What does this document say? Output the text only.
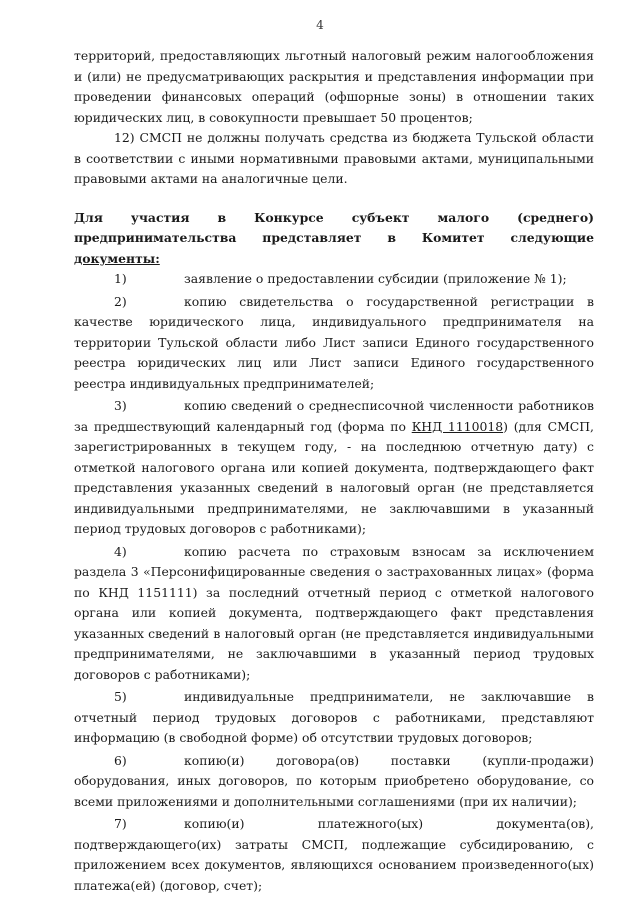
4

территорий, предоставляющих льготный налоговый режим налогообложения и (или) не предусматривающих раскрытия и представления информации при проведении финансовых операций (офшорные зоны) в отношении таких юридических лиц, в совокупности превышает 50 процентов;

12) СМСП не должны получать средства из бюджета Тульской области в соответствии с иными нормативными правовыми актами, муниципальными правовыми актами на аналогичные цели.

Для участия в Конкурсе субъект малого (среднего) предпринимательства представляет в Комитет следующие документы:

1)	заявление о предоставлении субсидии (приложение № 1);

2)	копию свидетельства о государственной регистрации в качестве юридического лица, индивидуального предпринимателя на территории Тульской области либо Лист записи Единого государственного реестра юридических лиц или Лист записи Единого государственного реестра индивидуальных предпринимателей;

3)	копию сведений о среднесписочной численности работников за предшествующий календарный год (форма по КНД 1110018) (для СМСП, зарегистрированных в текущем году, - на последнюю отчетную дату) с отметкой налогового органа или копией документа, подтверждающего факт представления указанных сведений в налоговый орган (не представляется индивидуальными предпринимателями, не заключавшими в указанный период трудовых договоров с работниками);

4)	копию расчета по страховым взносам за исключением раздела 3 «Персонифицированные сведения о застрахованных лицах» (форма по КНД 1151111) за последний отчетный период с отметкой налогового органа или копией документа, подтверждающего факт представления указанных сведений в налоговый орган (не представляется индивидуальными предпринимателями, не заключавшими в указанный период трудовых договоров с работниками);

5)	индивидуальные предприниматели, не заключавшие в отчетный период трудовых договоров с работниками, представляют информацию (в свободной форме) об отсутствии трудовых договоров;

6)	копию(и) договора(ов) поставки (купли-продажи) оборудования, иных договоров, по которым приобретено оборудование, со всеми приложениями и дополнительными соглашениями (при их наличии);

7)	копию(и) платежного(ых) документа(ов), подтверждающего(их) затраты СМСП, подлежащие субсидированию, с приложением всех документов, являющихся основанием произведенного(ых) платежа(ей) (договор, счет);
